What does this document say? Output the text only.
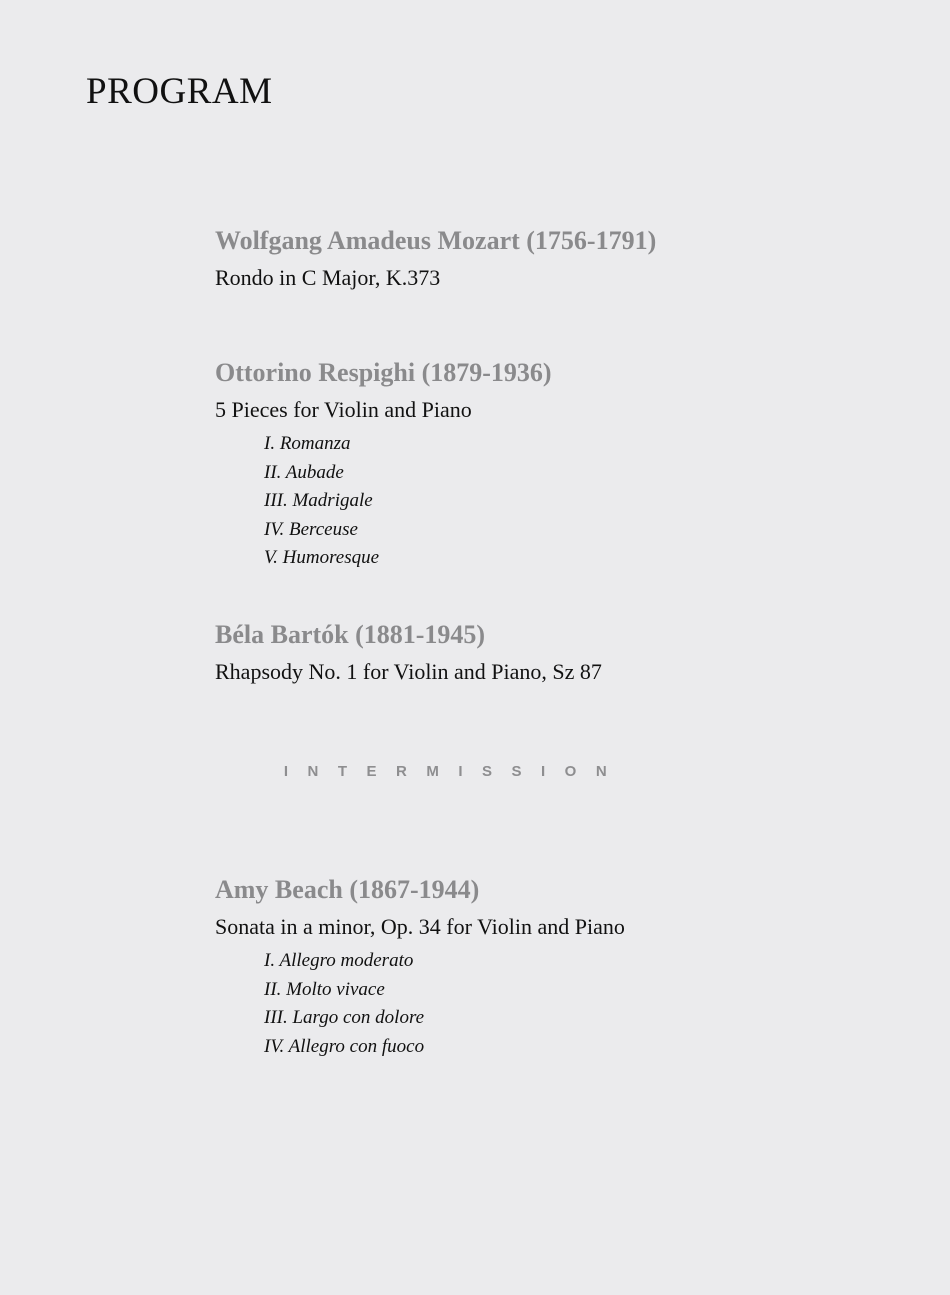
PROGRAM
Wolfgang Amadeus Mozart (1756-1791)
Rondo in C Major, K.373
Ottorino Respighi (1879-1936)
5 Pieces for Violin and Piano
I. Romanza
II. Aubade
III. Madrigale
IV. Berceuse
V. Humoresque
Béla Bartók (1881-1945)
Rhapsody No. 1 for Violin and Piano, Sz 87
INTERMISSION
Amy Beach (1867-1944)
Sonata in a minor, Op. 34 for Violin and Piano
I. Allegro moderato
II. Molto vivace
III. Largo con dolore
IV. Allegro con fuoco
